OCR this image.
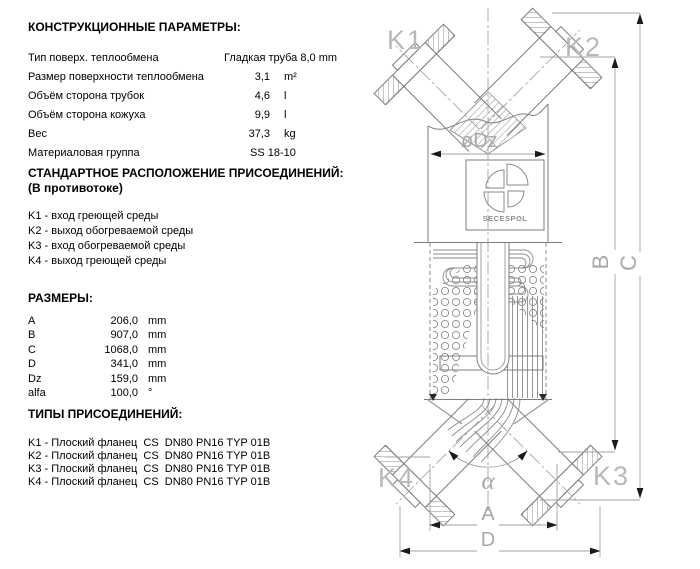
КОНСТРУКЦИОННЫЕ ПАРАМЕТРЫ:
Тип поверх. теплообмена	Гладкая труба 8,0 mm
Размер поверхности теплообмена	3,1	m²
Объём сторона трубок	4,6	l
Объём сторона кожуха	9,9	l
Вес	37,3	kg
Материаловая группа	SS 18-10
СТАНДАРТНОЕ РАСПОЛОЖЕНИЕ ПРИСОЕДИНЕНИЙ:
(В противотоке)
K1 - вход греющей среды
K2 - выход обогреваемой среды
K3 - вход обогреваемой среды
K4 - выход греющей среды
РАЗМЕРЫ:
A	206,0 mm
B	907,0 mm
C	1068,0 mm
D	341,0 mm
Dz	159,0 mm
alfa	100,0 °
ТИПЫ ПРИСОЕДИНЕНИЙ:
K1 - Плоский фланец  CS  DN80 PN16 TYP 01B
K2 - Плоский фланец  CS  DN80 PN16 TYP 01B
K3 - Плоский фланец  CS  DN80 PN16 TYP 01B
K4 - Плоский фланец  CS  DN80 PN16 TYP 01B
SECESPOL
øDz
B C
A
D
α
K1	K2
K4	K3
